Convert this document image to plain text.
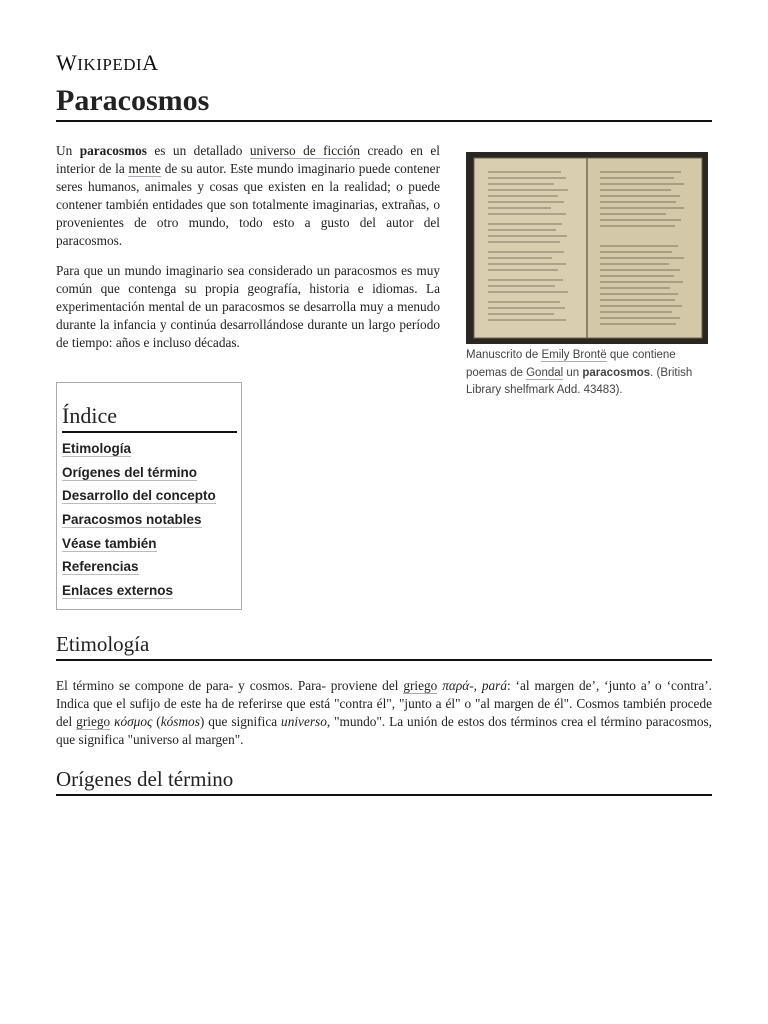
WIKIPEDIA
Paracosmos

Un paracosmos es un detallado universo de ficción creado en el interior de la mente de su autor. Este mundo imaginario puede contener seres humanos, animales y cosas que existen en la realidad; o puede contener también entidades que son totalmente imaginarias, extrañas, o provenientes de otro mundo, todo esto a gusto del autor del paracosmos.

Para que un mundo imaginario sea considerado un paracosmos es muy común que contenga su propia geografía, historia e idiomas. La experimentación mental de un paracosmos se desarrolla muy a menudo durante la infancia y continúa desarrollándose durante un largo período de tiempo: años e incluso décadas.

Manuscrito de Emily Brontë que contiene poemas de Gondal un paracosmos. (British Library shelfmark Add. 43483).
Índice
Etimología
Orígenes del término
Desarrollo del concepto
Paracosmos notables
Véase también
Referencias
Enlaces externos
Etimología

El término se compone de para- y cosmos. Para- proviene del griego παρά-, pará: ‘al margen de’, ‘junto a’ o ‘contra’. Indica que el sufijo de este ha de referirse que está "contra él", "junto a él" o "al margen de él". Cosmos también procede del griego κόσμος (kósmos) que significa universo, "mundo". La unión de estos dos términos crea el término paracosmos, que significa "universo al margen".

Orígenes del término
